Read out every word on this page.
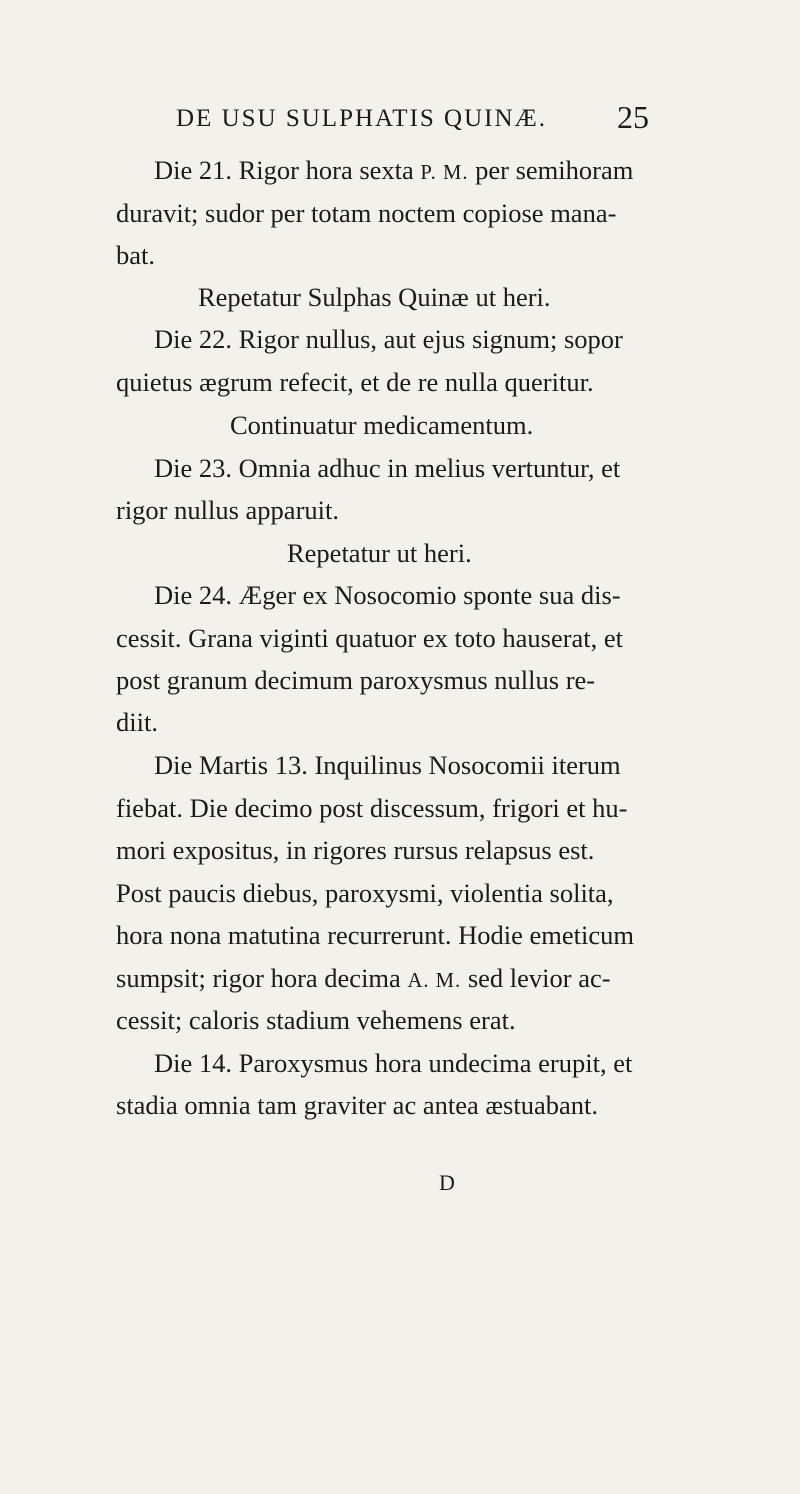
DE USU SULPHATIS QUINÆ. 25
Die 21. Rigor hora sexta P. M. per semihoram
duravit; sudor per totam noctem copiose mana-
bat.
Repetatur Sulphas Quinæ ut heri.
Die 22. Rigor nullus, aut ejus signum; sopor
quietus ægrum refecit, et de re nulla queritur.
Continuatur medicamentum.
Die 23. Omnia adhuc in melius vertuntur, et
rigor nullus apparuit.
Repetatur ut heri.
Die 24. Æger ex Nosocomio sponte sua dis-
cessit. Grana viginti quatuor ex toto hauserat, et
post granum decimum paroxysmus nullus re-
diit.
Die Martis 13. Inquilinus Nosocomii iterum
fiebat. Die decimo post discessum, frigori et hu-
mori expositus, in rigores rursus relapsus est.
Post paucis diebus, paroxysmi, violentia solita,
hora nona matutina recurrerunt. Hodie emeticum
sumpsit; rigor hora decima A. M. sed levior ac-
cessit; caloris stadium vehemens erat.
Die 14. Paroxysmus hora undecima erupit, et
stadia omnia tam graviter ac antea æstuabant.
D
